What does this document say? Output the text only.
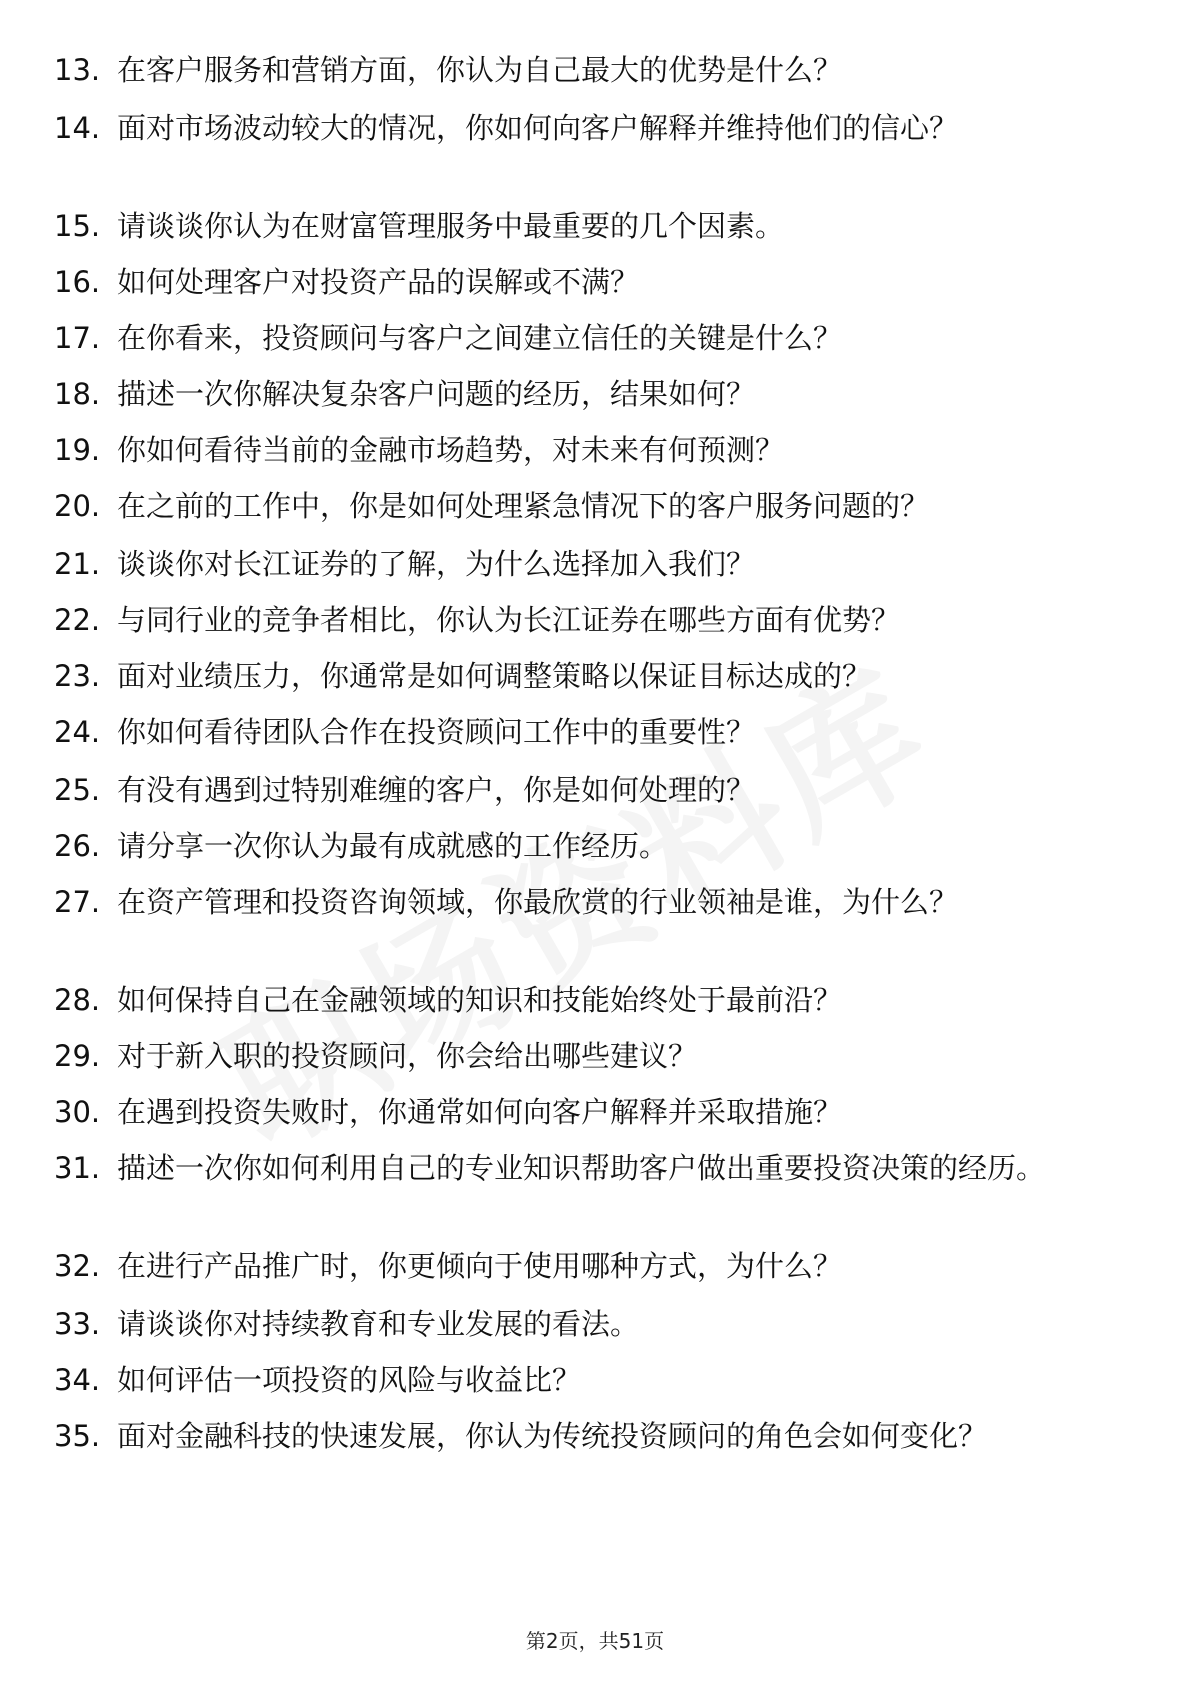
13. 在客户服务和营销方面，你认为自己最大的优势是什么？
14. 面对市场波动较大的情况，你如何向客户解释并维持他们的信心？
15. 请谈谈你认为在财富管理服务中最重要的几个因素。
16. 如何处理客户对投资产品的误解或不满？
17. 在你看来，投资顾问与客户之间建立信任的关键是什么？
18. 描述一次你解决复杂客户问题的经历，结果如何？
19. 你如何看待当前的金融市场趋势，对未来有何预测？
20. 在之前的工作中，你是如何处理紧急情况下的客户服务问题的？
21. 谈谈你对长江证券的了解，为什么选择加入我们？
22. 与同行业的竞争者相比，你认为长江证券在哪些方面有优势？
23. 面对业绩压力，你通常是如何调整策略以保证目标达成的？
24. 你如何看待团队合作在投资顾问工作中的重要性？
25. 有没有遇到过特别难缠的客户，你是如何处理的？
26. 请分享一次你认为最有成就感的工作经历。
27. 在资产管理和投资咨询领域，你最欣赏的行业领袖是谁，为什么？
28. 如何保持自己在金融领域的知识和技能始终处于最前沿？
29. 对于新入职的投资顾问，你会给出哪些建议？
30. 在遇到投资失败时，你通常如何向客户解释并采取措施？
31. 描述一次你如何利用自己的专业知识帮助客户做出重要投资决策的经历。
32. 在进行产品推广时，你更倾向于使用哪种方式，为什么？
33. 请谈谈你对持续教育和专业发展的看法。
34. 如何评估一项投资的风险与收益比？
35. 面对金融科技的快速发展，你认为传统投资顾问的角色会如何变化？
第2页，共51页
